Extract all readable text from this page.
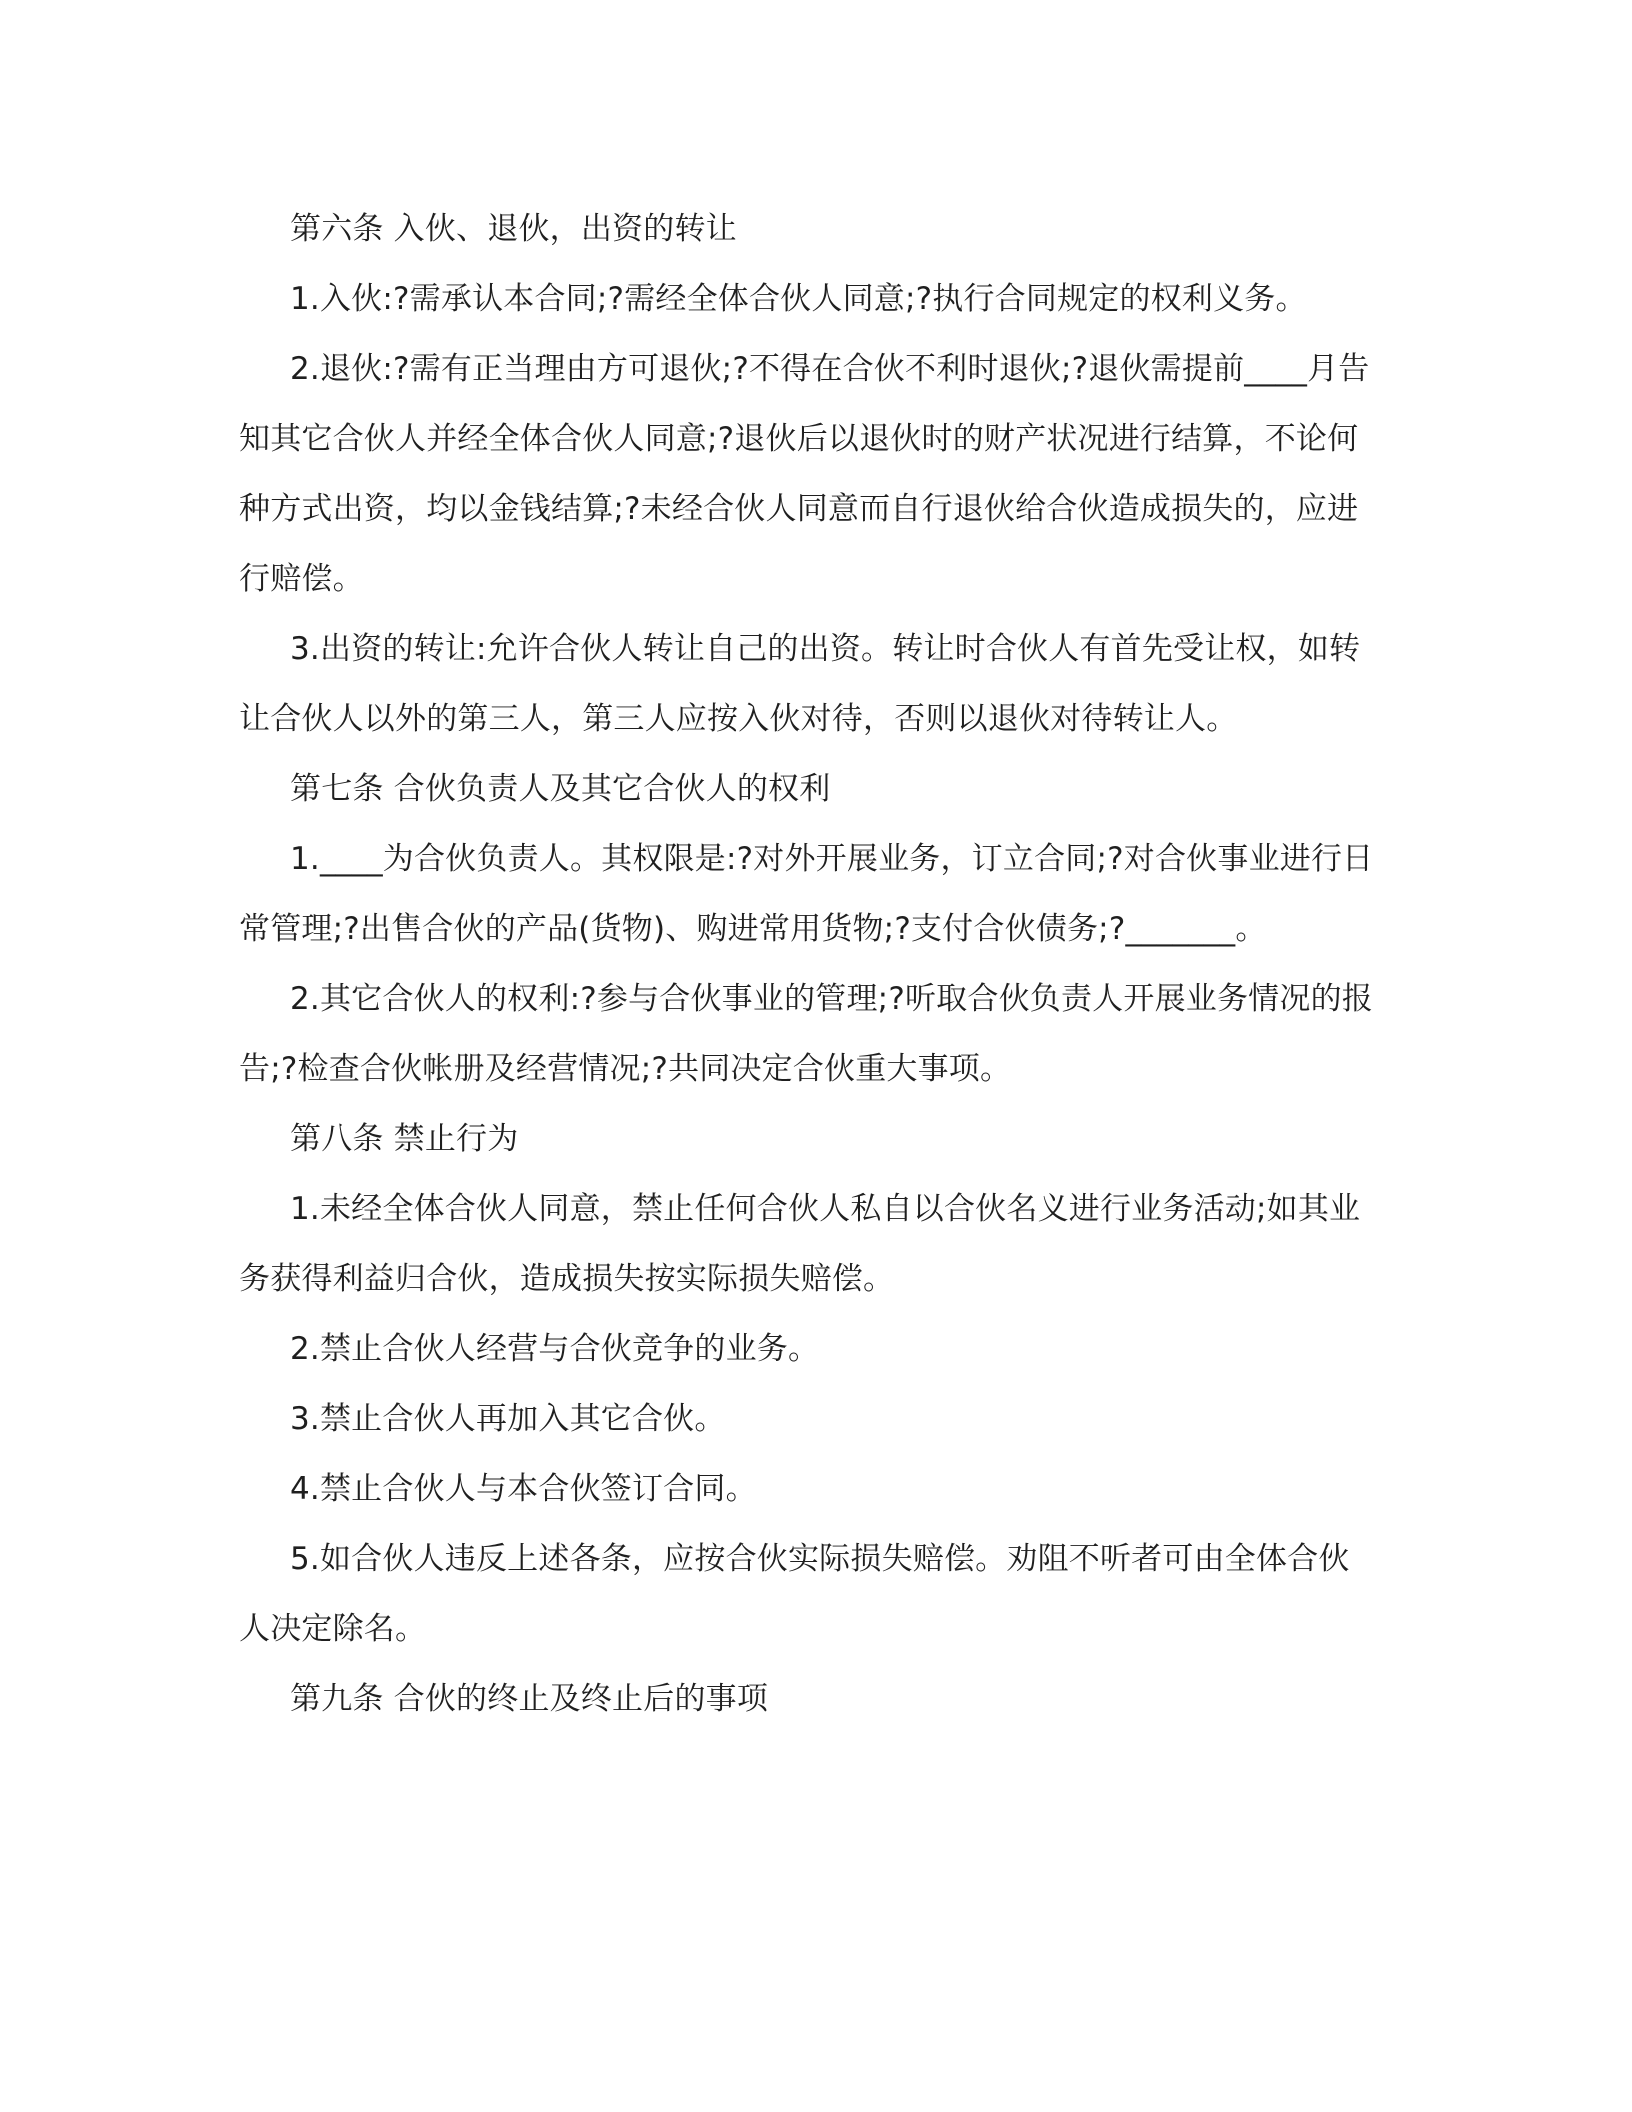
第六条 入伙、退伙，出资的转让

1.入伙:?需承认本合同;?需经全体合伙人同意;?执行合同规定的权利义务。

2.退伙:?需有正当理由方可退伙;?不得在合伙不利时退伙;?退伙需提前____月告知其它合伙人并经全体合伙人同意;?退伙后以退伙时的财产状况进行结算，不论何种方式出资，均以金钱结算;?未经合伙人同意而自行退伙给合伙造成损失的，应进行赔偿。

3.出资的转让:允许合伙人转让自己的出资。转让时合伙人有首先受让权，如转让合伙人以外的第三人，第三人应按入伙对待，否则以退伙对待转让人。

第七条 合伙负责人及其它合伙人的权利

1.____为合伙负责人。其权限是:?对外开展业务，订立合同;?对合伙事业进行日常管理;?出售合伙的产品(货物)、购进常用货物;?支付合伙债务;?_______。

2.其它合伙人的权利:?参与合伙事业的管理;?听取合伙负责人开展业务情况的报告;?检查合伙帐册及经营情况;?共同决定合伙重大事项。

第八条 禁止行为

1.未经全体合伙人同意，禁止任何合伙人私自以合伙名义进行业务活动;如其业务获得利益归合伙，造成损失按实际损失赔偿。

2.禁止合伙人经营与合伙竞争的业务。

3.禁止合伙人再加入其它合伙。

4.禁止合伙人与本合伙签订合同。

5.如合伙人违反上述各条，应按合伙实际损失赔偿。劝阻不听者可由全体合伙人决定除名。

第九条 合伙的终止及终止后的事项
